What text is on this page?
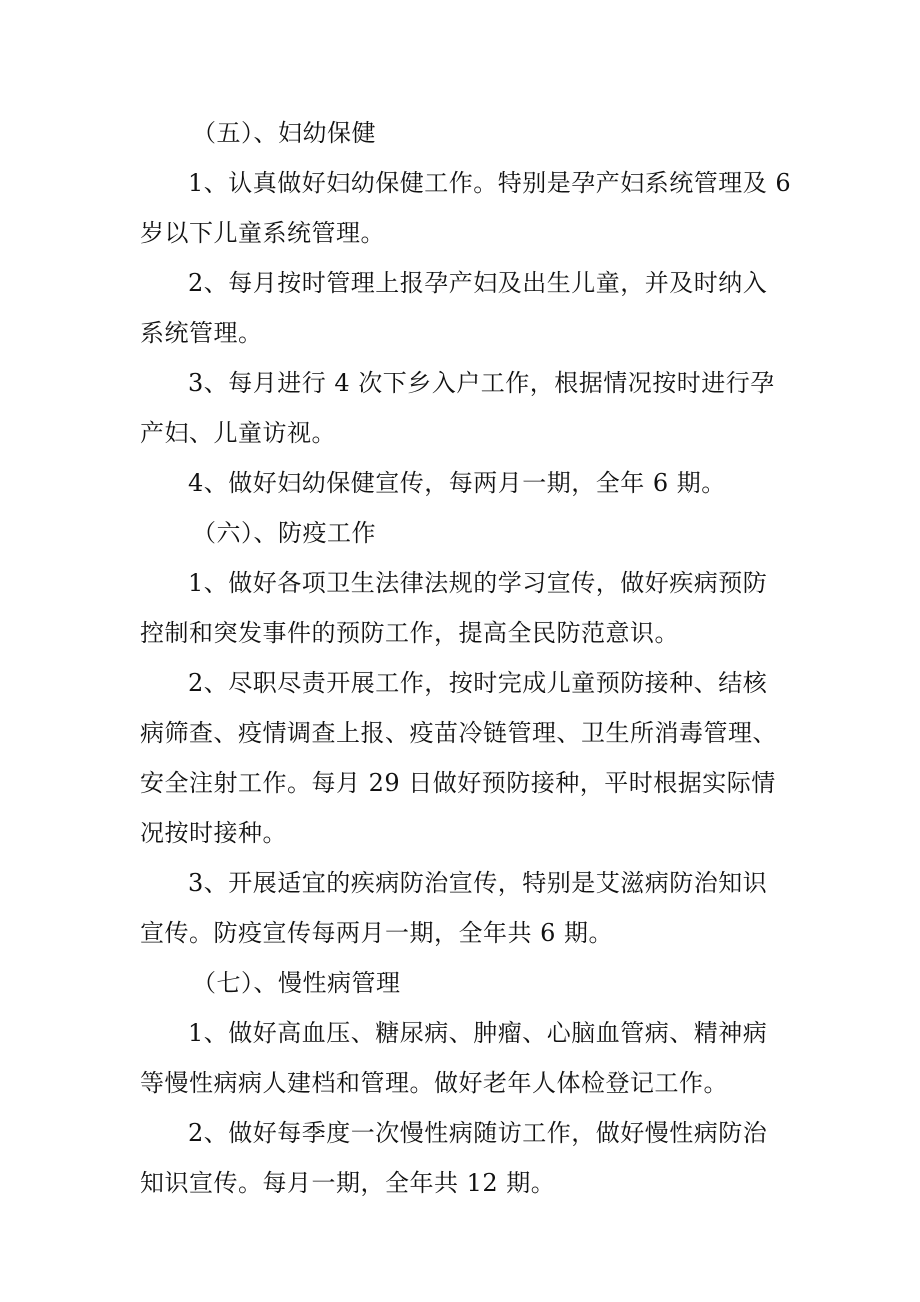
（五）、妇幼保健
1、认真做好妇幼保健工作。特别是孕产妇系统管理及 6
岁以下儿童系统管理。
2、每月按时管理上报孕产妇及出生儿童，并及时纳入
系统管理。
3、每月进行 4 次下乡入户工作，根据情况按时进行孕
产妇、儿童访视。
4、做好妇幼保健宣传，每两月一期，全年 6 期。
（六）、防疫工作
1、做好各项卫生法律法规的学习宣传，做好疾病预防
控制和突发事件的预防工作，提高全民防范意识。
2、尽职尽责开展工作，按时完成儿童预防接种、结核
病筛查、疫情调查上报、疫苗冷链管理、卫生所消毒管理、
安全注射工作。每月 29 日做好预防接种，平时根据实际情
况按时接种。
3、开展适宜的疾病防治宣传，特别是艾滋病防治知识
宣传。防疫宣传每两月一期，全年共 6 期。
（七）、慢性病管理
1、做好高血压、糖尿病、肿瘤、心脑血管病、精神病
等慢性病病人建档和管理。做好老年人体检登记工作。
2、做好每季度一次慢性病随访工作，做好慢性病防治
知识宣传。每月一期，全年共 12 期。
